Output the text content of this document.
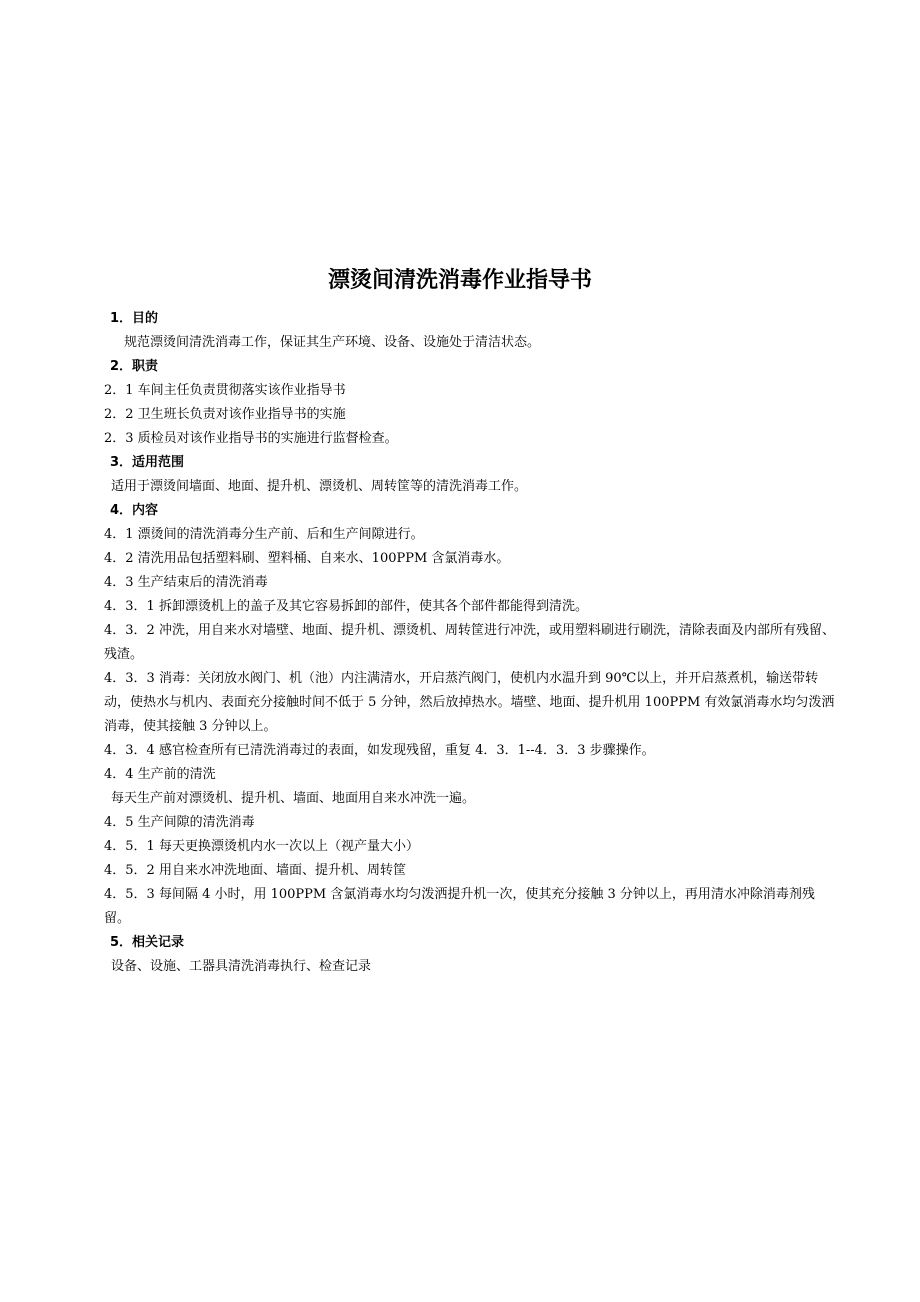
漂烫间清洗消毒作业指导书

1．目的

规范漂烫间清洗消毒工作，保证其生产环境、设备、设施处于清洁状态。

2．职责

2．1 车间主任负责贯彻落实该作业指导书

2．2 卫生班长负责对该作业指导书的实施

2．3 质检员对该作业指导书的实施进行监督检查。

3．适用范围

适用于漂烫间墙面、地面、提升机、漂烫机、周转筐等的清洗消毒工作。

4．内容

4．1 漂烫间的清洗消毒分生产前、后和生产间隙进行。

4．2 清洗用品包括塑料刷、塑料桶、自来水、100PPM 含氯消毒水。

4．3 生产结束后的清洗消毒

4．3．1 拆卸漂烫机上的盖子及其它容易拆卸的部件，使其各个部件都能得到清洗。

4．3．2 冲洗，用自来水对墙壁、地面、提升机、漂烫机、周转筐进行冲洗，或用塑料刷进行刷洗，清除表面及内部所有残留、残渣。

4．3．3 消毒：关闭放水阀门、机（池）内注满清水，开启蒸汽阀门，使机内水温升到 90℃以上，并开启蒸煮机，输送带转动，使热水与机内、表面充分接触时间不低于 5 分钟，然后放掉热水。墙壁、地面、提升机用 100PPM 有效氯消毒水均匀泼洒消毒，使其接触 3 分钟以上。

4．3．4 感官检查所有已清洗消毒过的表面，如发现残留，重复 4．3．1--4．3．3 步骤操作。

4．4 生产前的清洗

每天生产前对漂烫机、提升机、墙面、地面用自来水冲洗一遍。

4．5 生产间隙的清洗消毒

4．5．1 每天更换漂烫机内水一次以上（视产量大小）

4．5．2 用自来水冲洗地面、墙面、提升机、周转筐

4．5．3 每间隔 4 小时，用 100PPM 含氯消毒水均匀泼洒提升机一次，使其充分接触 3 分钟以上，再用清水冲除消毒剂残留。

5．相关记录

设备、设施、工器具清洗消毒执行、检查记录
